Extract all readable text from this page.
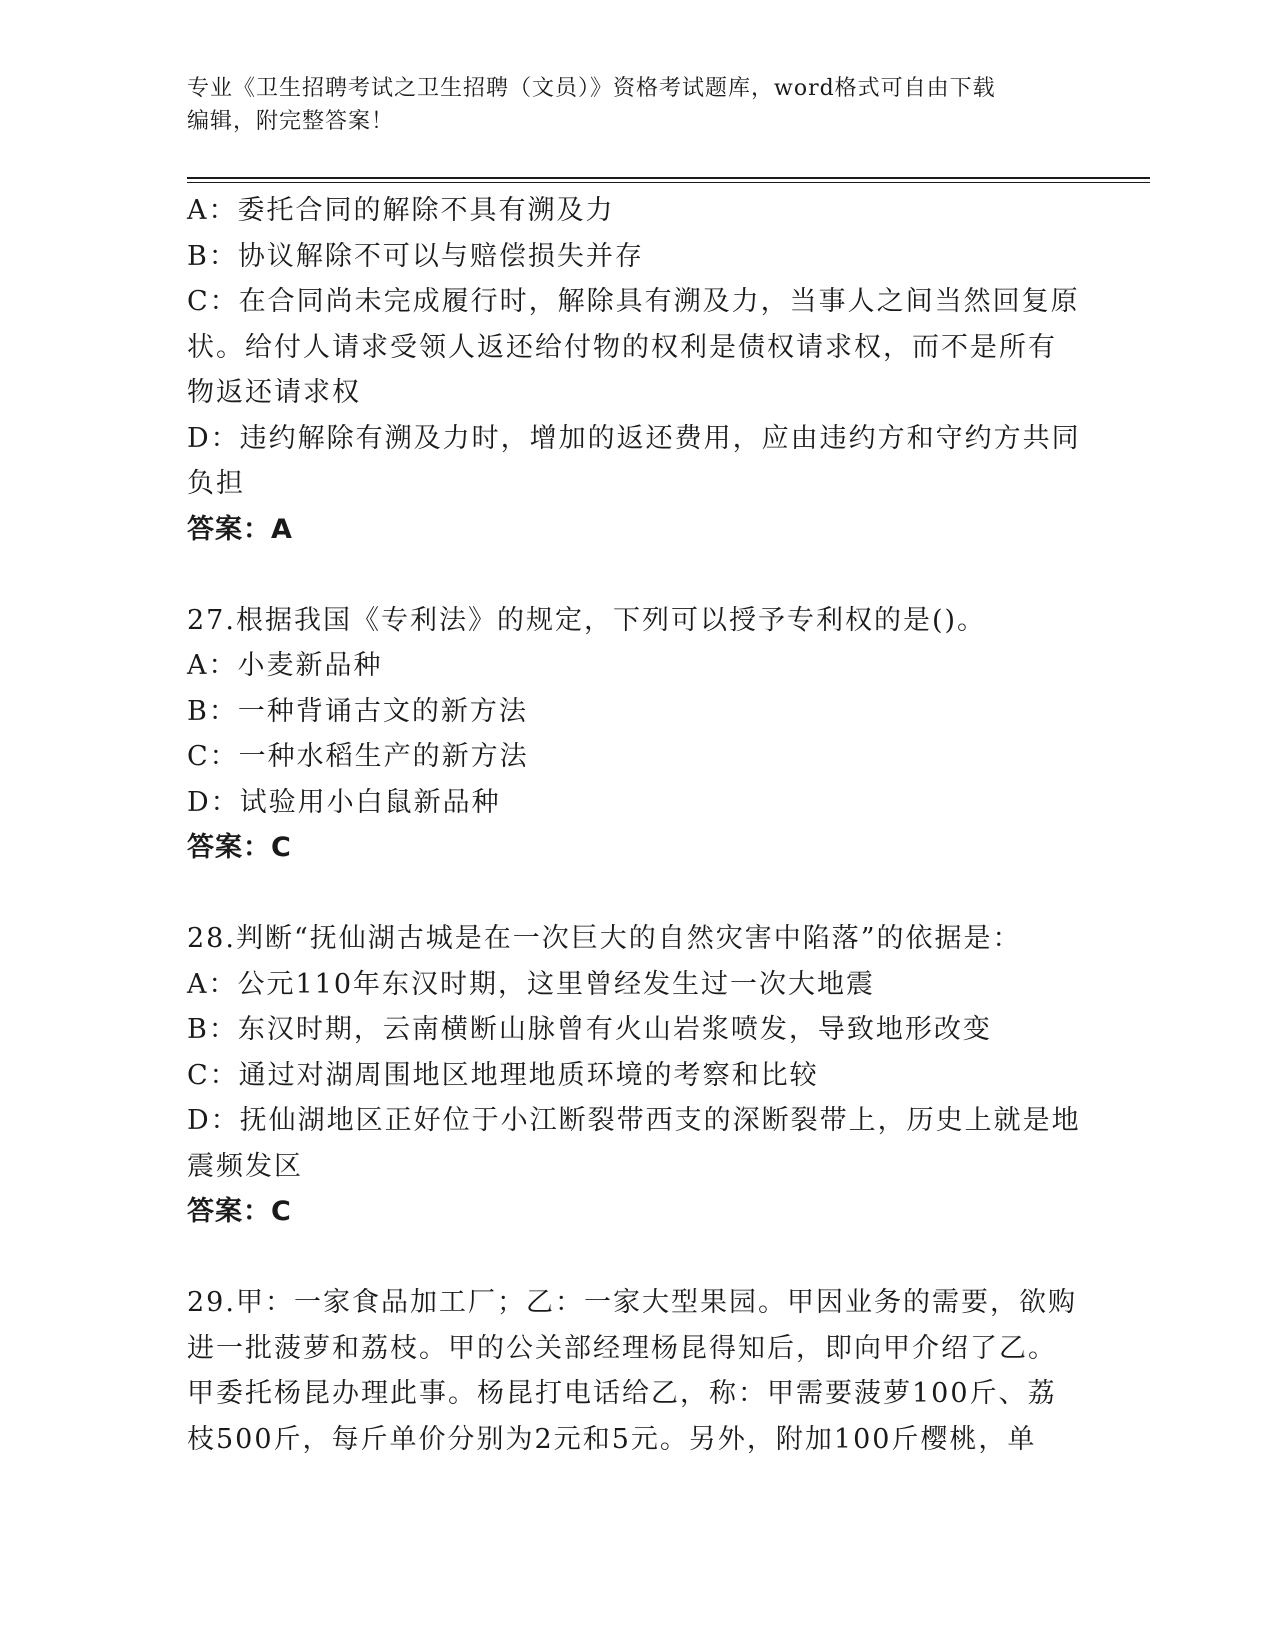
专业《卫生招聘考试之卫生招聘（文员）》资格考试题库，word格式可自由下载
编辑，附完整答案！
A：委托合同的解除不具有溯及力
B：协议解除不可以与赔偿损失并存
C：在合同尚未完成履行时，解除具有溯及力，当事人之间当然回复原
状。给付人请求受领人返还给付物的权利是债权请求权，而不是所有
物返还请求权
D：违约解除有溯及力时，增加的返还费用，应由违约方和守约方共同
负担
答案：A
27.根据我国《专利法》的规定，下列可以授予专利权的是()。
A：小麦新品种
B：一种背诵古文的新方法
C：一种水稻生产的新方法
D：试验用小白鼠新品种
答案：C
28.判断“抚仙湖古城是在一次巨大的自然灾害中陷落”的依据是：
A：公元110年东汉时期，这里曾经发生过一次大地震
B：东汉时期，云南横断山脉曾有火山岩浆喷发，导致地形改变
C：通过对湖周围地区地理地质环境的考察和比较
D：抚仙湖地区正好位于小江断裂带西支的深断裂带上，历史上就是地
震频发区
答案：C
29.甲：一家食品加工厂；乙：一家大型果园。甲因业务的需要，欲购
进一批菠萝和荔枝。甲的公关部经理杨昆得知后，即向甲介绍了乙。
甲委托杨昆办理此事。杨昆打电话给乙，称：甲需要菠萝100斤、荔
枝500斤，每斤单价分别为2元和5元。另外，附加100斤樱桃，单
